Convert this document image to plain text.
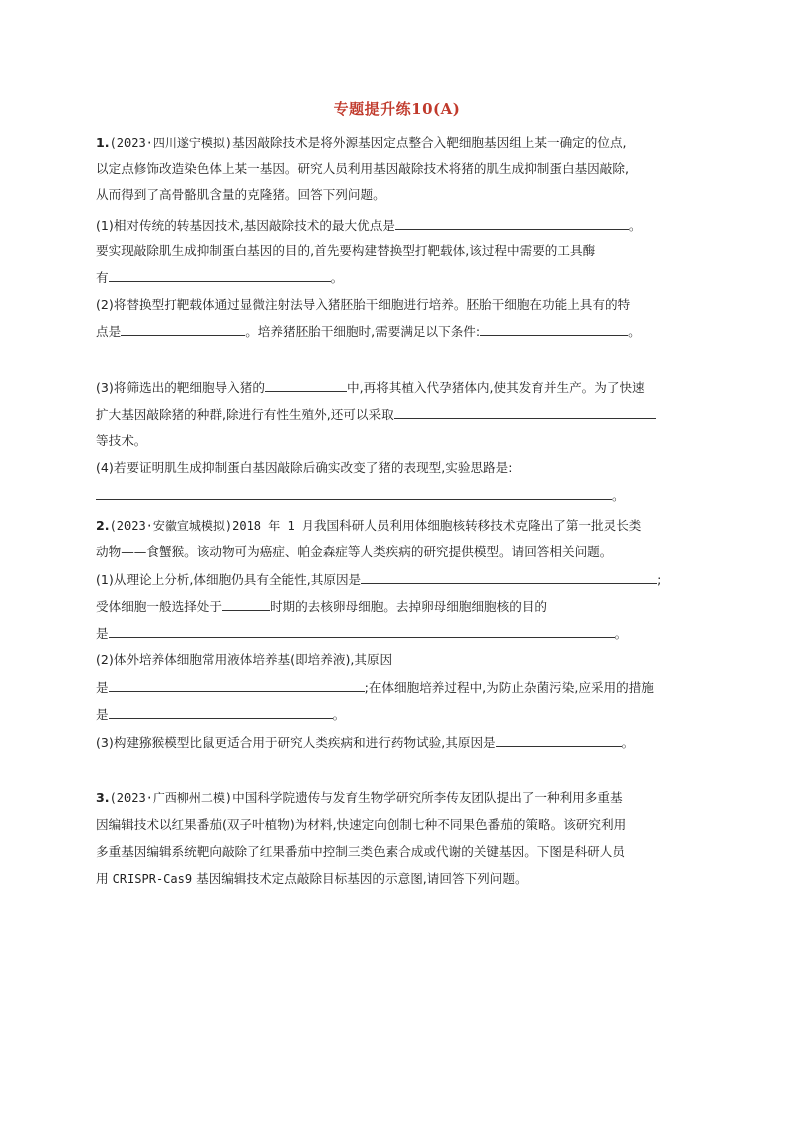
专题提升练10(A)
1.(2023·四川遂宁模拟)基因敲除技术是将外源基因定点整合入靶细胞基因组上某一确定的位点,
以定点修饰改造染色体上某一基因。研究人员利用基因敲除技术将猪的肌生成抑制蛋白基因敲除,
从而得到了高骨骼肌含量的克隆猪。回答下列问题。
(1)相对传统的转基因技术,基因敲除技术的最大优点是	。
要实现敲除肌生成抑制蛋白基因的目的,首先要构建替换型打靶载体,该过程中需要的工具酶
有	。
(2)将替换型打靶载体通过显微注射法导入猪胚胎干细胞进行培养。胚胎干细胞在功能上具有的特
点是	。培养猪胚胎干细胞时,需要满足以下条件:	。
(3)将筛选出的靶细胞导入猪的	中,再将其植入代孕猪体内,使其发育并生产。为了快速
扩大基因敲除猪的种群,除进行有性生殖外,还可以采取
等技术。
(4)若要证明肌生成抑制蛋白基因敲除后确实改变了猪的表现型,实验思路是:
。
2.(2023·安徽宣城模拟)2018 年 1 月我国科研人员利用体细胞核转移技术克隆出了第一批灵长类
动物——食蟹猴。该动物可为癌症、帕金森症等人类疾病的研究提供模型。请回答相关问题。
(1)从理论上分析,体细胞仍具有全能性,其原因是	;
受体细胞一般选择处于	时期的去核卵母细胞。去掉卵母细胞细胞核的目的
是	。
(2)体外培养体细胞常用液体培养基(即培养液),其原因
是	;在体细胞培养过程中,为防止杂菌污染,应采用的措施
是	。
(3)构建猕猴模型比鼠更适合用于研究人类疾病和进行药物试验,其原因是	。
3.(2023·广西柳州二模)中国科学院遗传与发育生物学研究所李传友团队提出了一种利用多重基
因编辑技术以红果番茄(双子叶植物)为材料,快速定向创制七种不同果色番茄的策略。该研究利用
多重基因编辑系统靶向敲除了红果番茄中控制三类色素合成或代谢的关键基因。下图是科研人员
用 CRISPR-Cas9 基因编辑技术定点敲除目标基因的示意图,请回答下列问题。
